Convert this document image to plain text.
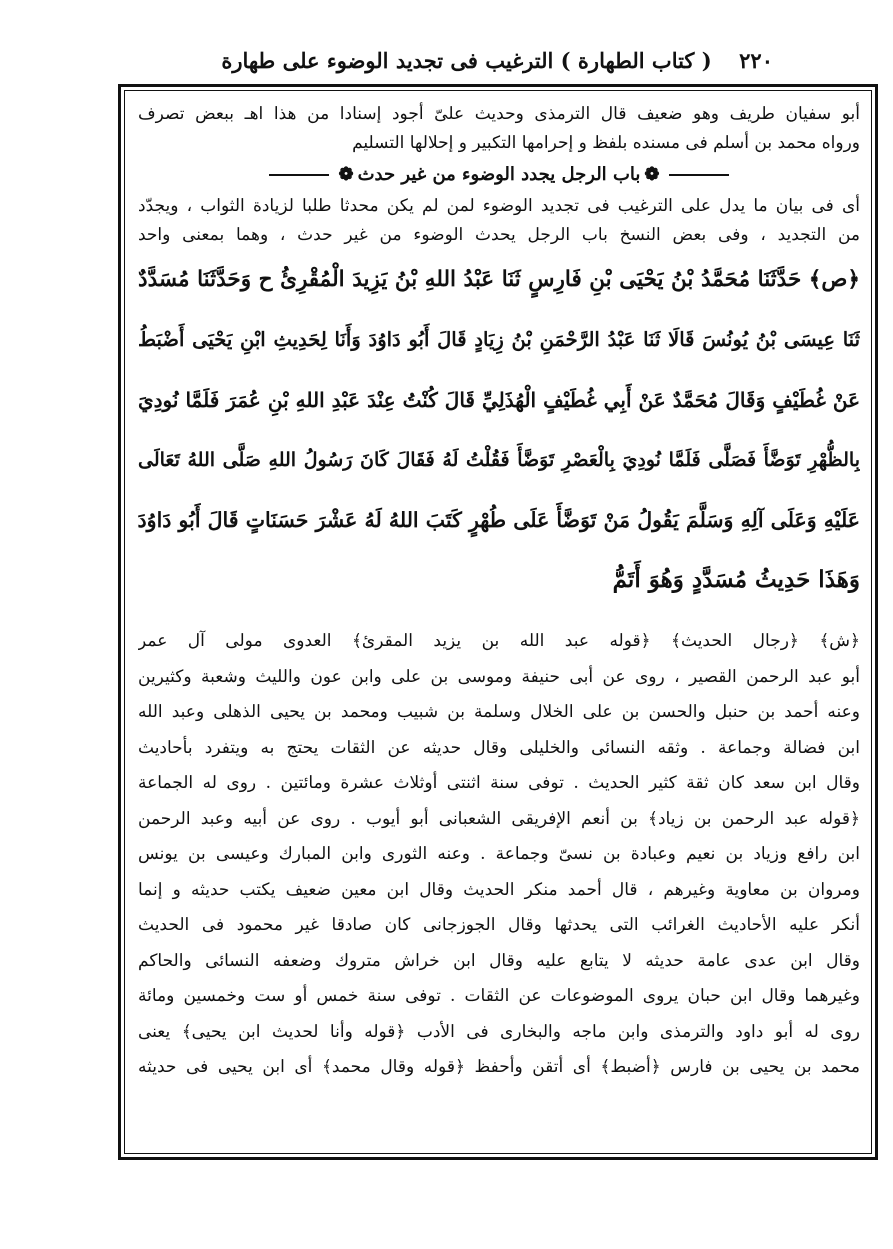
٢٢٠
( كتاب الطهارة ) الترغيب فى تجديد الوضوء على طهارة
أبو سفيان طريف وهو ضعيف قال الترمذى وحديث علىّ أجود إسنادا من هذا اهـ ببعض تصرف
ورواه محمد بن أسلم فى مسنده بلفظ و إحرامها التكبير و إحلالها التسليم
❁باب الرجل يجدد الوضوء من غير حدث❁
أى فى بيان ما يدل على الترغيب فى تجديد الوضوء لمن لم يكن محدثا طلبا لزيادة الثواب ، ويجدّد
من التجديد ، وفى بعض النسخ باب الرجل يحدث الوضوء من غير حدث ، وهما بمعنى واحد
﴿ص﴾ حَدَّثَنَا مُحَمَّدُ بْنُ يَحْيَى بْنِ فَارِسٍ ثَنَا عَبْدُ اللهِ بْنُ يَزِيدَ الْمُقْرِئُ ح وَحَدَّثَنَا مُسَدَّدٌ
ثَنَا عِيسَى بْنُ يُونُسَ قَالَا ثَنَا عَبْدُ الرَّحْمَنِ بْنُ زِيَادٍ قَالَ أَبُو دَاوُدَ وَأَنَا لِحَدِيثِ ابْنِ يَحْيَى أَضْبَطُ
عَنْ غُطَيْفٍ وَقَالَ مُحَمَّدٌ عَنْ أَبِي غُطَيْفٍ الْهُذَلِيِّ قَالَ كُنْتُ عِنْدَ عَبْدِ اللهِ بْنِ عُمَرَ فَلَمَّا نُودِيَ
بِالظُّهْرِ تَوَضَّأَ فَصَلَّى فَلَمَّا نُودِيَ بِالْعَصْرِ تَوَضَّأَ فَقُلْتُ لَهُ فَقَالَ كَانَ رَسُولُ اللهِ صَلَّى اللهُ تَعَالَى
عَلَيْهِ وَعَلَى آلِهِ وَسَلَّمَ يَقُولُ مَنْ تَوَضَّأَ عَلَى طُهْرٍ كَتَبَ اللهُ لَهُ عَشْرَ حَسَنَاتٍ قَالَ أَبُو دَاوُدَ
وَهَذَا حَدِيثُ مُسَدَّدٍ وَهُوَ أَتَمُّ
﴿ش﴾ ﴿رجال الحديث﴾ ﴿قوله عبد الله بن يزيد المقرئ﴾ العدوى مولى آل عمر
أبو عبد الرحمن القصير ، روى عن أبى حنيفة وموسى بن على وابن عون والليث وشعبة وكثيرين
وعنه أحمد بن حنبل والحسن بن على الخلال وسلمة بن شبيب ومحمد بن يحيى الذهلى وعبد الله
ابن فضالة وجماعة . وثقه النسائى والخليلى وقال حديثه عن الثقات يحتج به ويتفرد بأحاديث
وقال ابن سعد كان ثقة كثير الحديث . توفى سنة اثنتى أوثلاث عشرة ومائتين . روى له الجماعة
﴿قوله عبد الرحمن بن زياد﴾ بن أنعم الإفريقى الشعبانى أبو أيوب . روى عن أبيه وعبد الرحمن
ابن رافع وزياد بن نعيم وعبادة بن نسىّ وجماعة . وعنه الثورى وابن المبارك وعيسى بن يونس
ومروان بن معاوية وغيرهم ، قال أحمد منكر الحديث وقال ابن معين ضعيف يكتب حديثه و إنما
أنكر عليه الأحاديث الغرائب التى يحدثها وقال الجوزجانى كان صادقا غير محمود فى الحديث
وقال ابن عدى عامة حديثه لا يتابع عليه وقال ابن خراش متروك وضعفه النسائى والحاكم
وغيرهما وقال ابن حبان يروى الموضوعات عن الثقات . توفى سنة خمس أو ست وخمسين ومائة
روى له أبو داود والترمذى وابن ماجه والبخارى فى الأدب ﴿قوله وأنا لحديث ابن يحيى﴾ يعنى
محمد بن يحيى بن فارس ﴿أضبط﴾ أى أتقن وأحفظ ﴿قوله وقال محمد﴾ أى ابن يحيى فى حديثه
